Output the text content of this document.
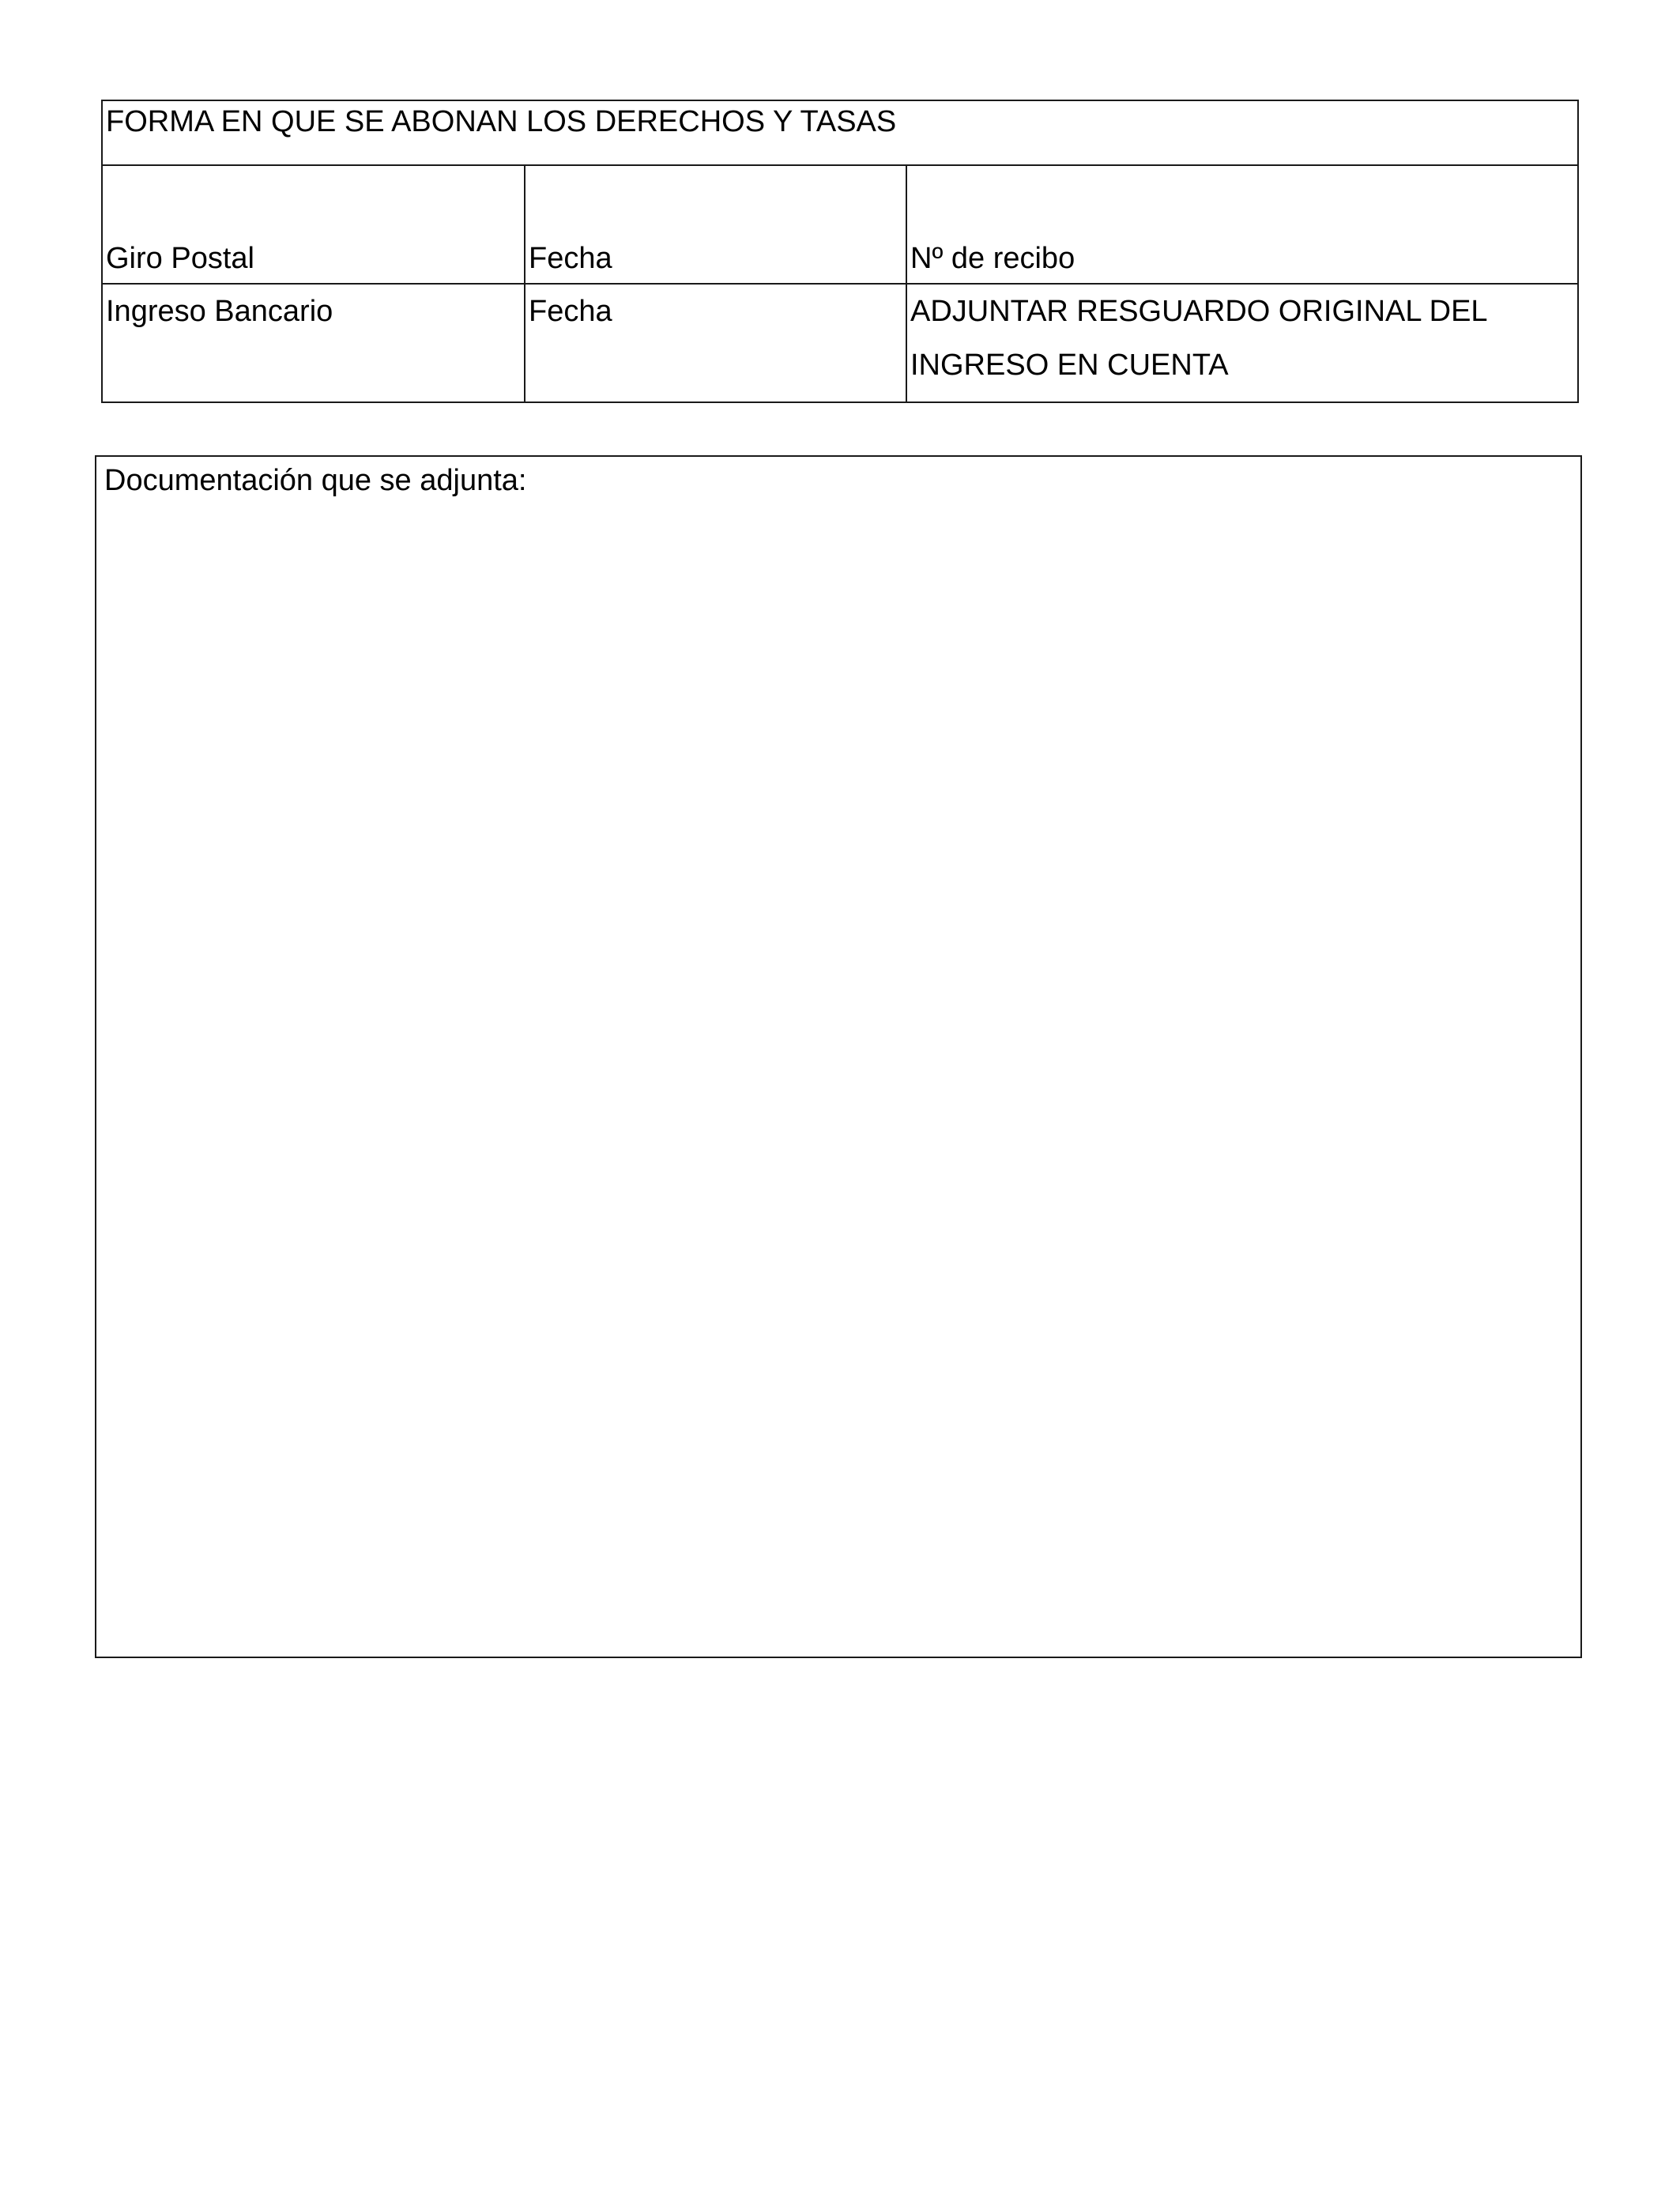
FORMA EN QUE SE ABONAN LOS DERECHOS Y TASAS		
Giro Postal	Fecha	Nº de recibo
Ingreso Bancario	Fecha	ADJUNTAR RESGUARDO ORIGINAL DEL
INGRESO EN CUENTA
Documentación que se adjunta:
